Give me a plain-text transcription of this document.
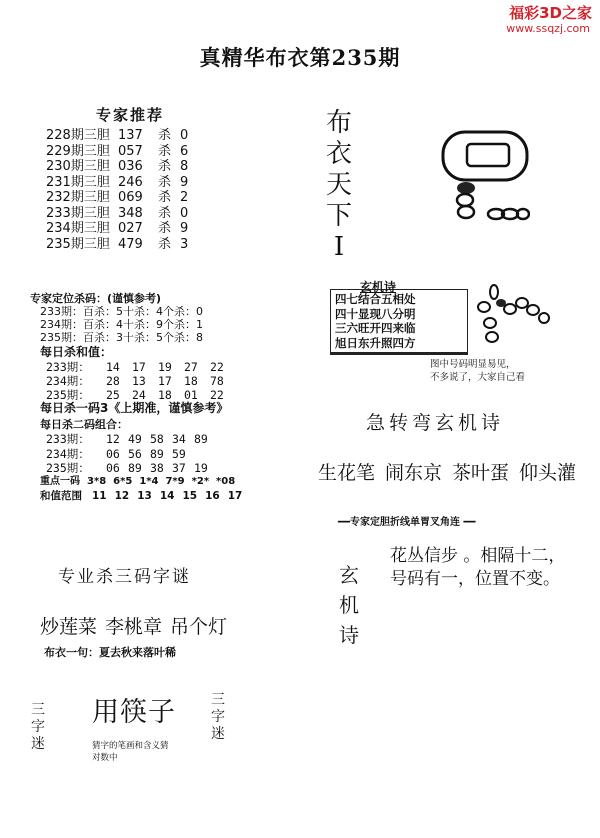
福彩3D之家
www.ssqzj.com
真精华布衣第235期
专家推荐
228期三胆 137 杀 0
229期三胆 057 杀 6
230期三胆 036 杀 8
231期三胆 246 杀 9
232期三胆 069 杀 2
233期三胆 348 杀 0
234期三胆 027 杀 9
235期三胆 479 杀 3
布
衣
天
下
I
专家定位杀码：(谨慎参考)
233期：百杀：5十杀：4个杀：0
234期：百杀：4十杀：9个杀：1
235期：百杀：3十杀：5个杀：8
每日杀和值：
233期： 14 17 19 27 22
234期： 28 13 17 18 78
235期： 25 24 18 01 22
每日杀一码3《上期准，谨慎参考》
每日杀二码组合：
233期： 12 49 58 34 89
234期： 06 56 89 59
235期： 06 89 38 37 19
重点一码 3*8 6*5 1*4 7*9 *2* *08
和值范围 11 12 13 14 15 16 17
玄机诗
四七结合五相处
四十显现八分明
三六旺开四来临
旭日东升照四方
图中号码明显易见，
不多说了，大家自己看
急转弯玄机诗
生花笔 闹东京 茶叶蛋 仰头灌
━━专家定胆折线单胃叉角连 ━━
玄
机
诗
花丛信步 。相隔十二，
号码有一，位置不变。
专业杀三码字谜
炒莲菜 李桃章 吊个灯
布衣一句：夏去秋来落叶稀
三
字
迷
用筷子	三
字
迷
猜字的笔画和含义猜
对数中
